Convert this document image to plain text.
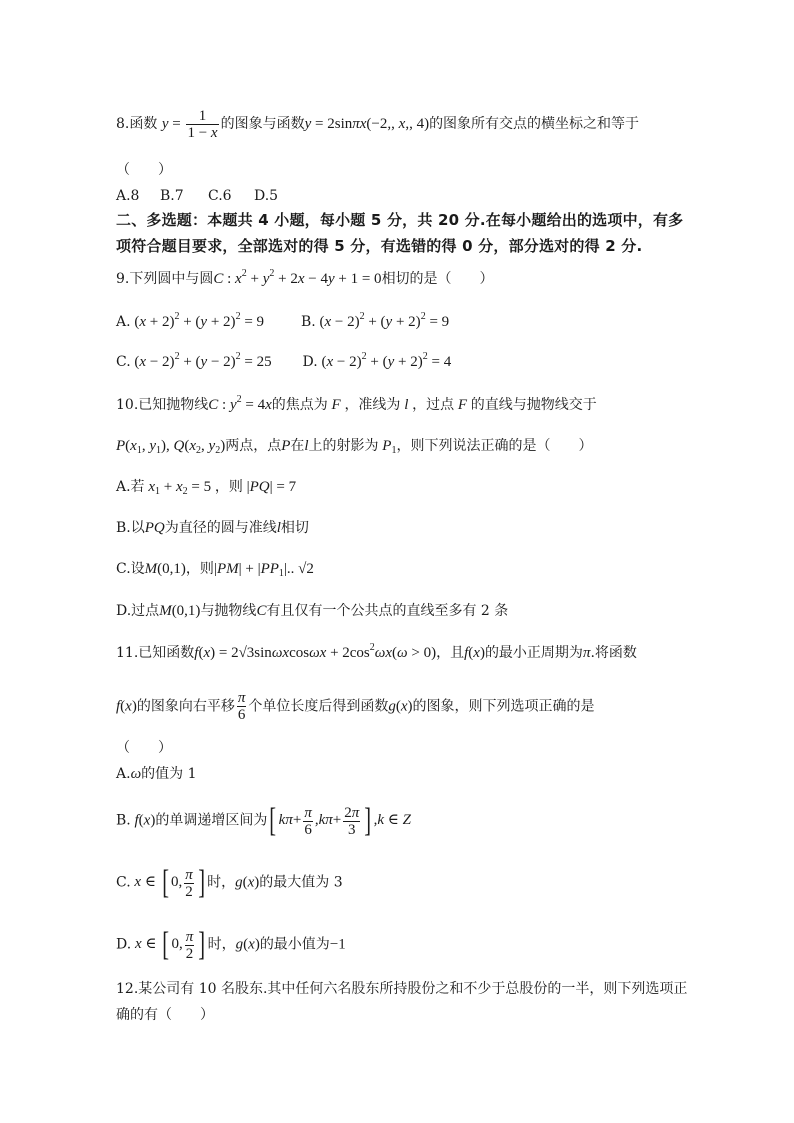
8.函数 $y = \frac{1}{1 - x}$ 的图象与函数y = 2sinπx(−2,, x,, 4)的图象所有交点的横坐标之和等于
（　　）
A.8 B.7 C.6 D.5
二、多选题：本题共 4 小题，每小题 5 分，共 20 分.在每小题给出的选项中，有多
项符合题目要求，全部选对的得 5 分，有选错的得 0 分，部分选对的得 2 分.
9.下列圆中与圆C : $x^2 + y^2 + 2x - 4y + 1 = 0$相切的是（　　）
A. $(x + 2)^2 + (y + 2)^2 = 9$	B. $(x - 2)^2 + (y + 2)^2 = 9$
C. $(x - 2)^2 + (y - 2)^2 = 25$ D. $(x - 2)^2 + (y + 2)^2 = 4$
10.已知抛物线C : $y^2 = 4x$的焦点为 F ，准线为 l ，过点 F 的直线与抛物线交于
$P(x_1$, $y_1$), $Q(x_2$, $y_2$)两点，点P在l上的射影为 $P_1$，则下列说法正确的是（　　）
A.若 $x_1 + x_2 = 5$ ，则 |PQ| = 7
B.以PQ为直径的圆与准线l相切
C.设M(0,1)，则$|PM| + |PP_1|$.. √2
D.过点M(0,1)与抛物线C有且仅有一个公共点的直线至多有 2 条
11.已知函数$f(x) = 2√3\sin\omega xcos\omega x + 2\cos^2\omega x(\omega > 0)$，且f(x)的最小正周期为π.将函数
f(x)的图象向右平移 $\frac{\pi}{6}$ 个单位长度后得到函数g(x)的图象，则下列选项正确的是
（　　）
A.ω的值为 1
B. f(x)的单调递增区间为[ $k\pi+ \frac{\pi}{6} ,k\pi+ \frac{2\pi}{3}$ ] ,k ∈ Z
C. x ∈ [ 0, $\frac{\pi}{2}$ ] 时，g(x)的最大值为 3
D. x ∈ [ 0, $\frac{\pi}{2}$ ] 时，g(x)的最小值为−1
12.某公司有 10 名股东.其中任何六名股东所持股份之和不少于总股份的一半，则下列选项正
确的有（　　）
